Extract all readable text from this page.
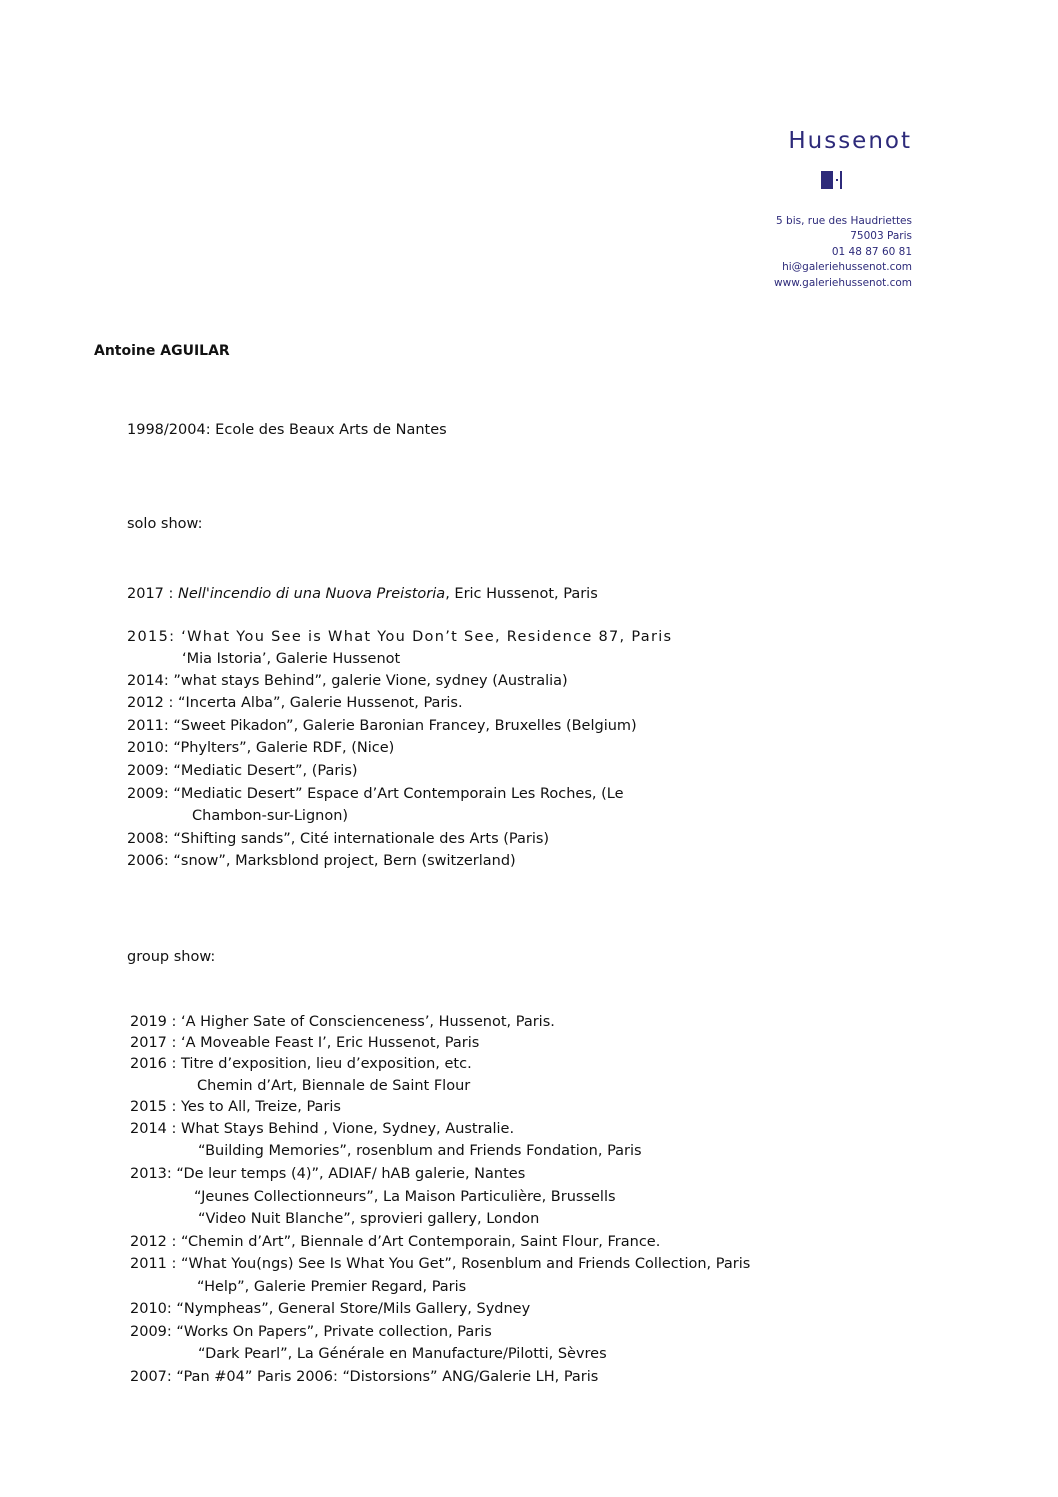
Hussenot
5 bis, rue des Haudriettes
75003 Paris
01 48 87 60 81
hi@galeriehussenot.com
www.galeriehussenot.com
Antoine AGUILAR
1998/2004: Ecole des Beaux Arts de Nantes
solo show:
2017 : Nell'incendio di una Nuova Preistoria, Eric Hussenot, Paris
2015: ‘What You See is What You Don’t See, Residence 87, Paris
‘Mia Istoria’, Galerie Hussenot
2014: ”what stays Behind”, galerie Vione, sydney (Australia)
2012 : “Incerta Alba”, Galerie Hussenot, Paris.
2011: “Sweet Pikadon”, Galerie Baronian Francey, Bruxelles (Belgium)
2010: “Phylters”, Galerie RDF, (Nice)
2009: “Mediatic Desert”, (Paris)
2009: “Mediatic Desert” Espace d’Art Contemporain Les Roches, (Le
Chambon-sur-Lignon)
2008: “Shifting sands”, Cité internationale des Arts (Paris)
2006: “snow”, Marksblond project, Bern (switzerland)
group show:
2019 : ‘A Higher Sate of Conscienceness’, Hussenot, Paris.
2017 : ‘A Moveable Feast I’, Eric Hussenot, Paris
2016 : Titre d’exposition, lieu d’exposition, etc.
Chemin d’Art, Biennale de Saint Flour
2015 : Yes to All, Treize, Paris
2014 : What Stays Behind , Vione, Sydney, Australie.
“Building Memories”, rosenblum and Friends Fondation, Paris
2013: “De leur temps (4)”, ADIAF/ hAB galerie, Nantes
“Jeunes Collectionneurs”, La Maison Particulière, Brussells
“Video Nuit Blanche”, sprovieri gallery, London
2012 : “Chemin d’Art”, Biennale d’Art Contemporain, Saint Flour, France.
2011 : “What You(ngs) See Is What You Get”, Rosenblum and Friends Collection, Paris
“Help”, Galerie Premier Regard, Paris
2010: “Nympheas”, General Store/Mils Gallery, Sydney
2009: “Works On Papers”, Private collection, Paris
“Dark Pearl”, La Générale en Manufacture/Pilotti, Sèvres
2007: “Pan #04” Paris 2006: “Distorsions” ANG/Galerie LH, Paris
